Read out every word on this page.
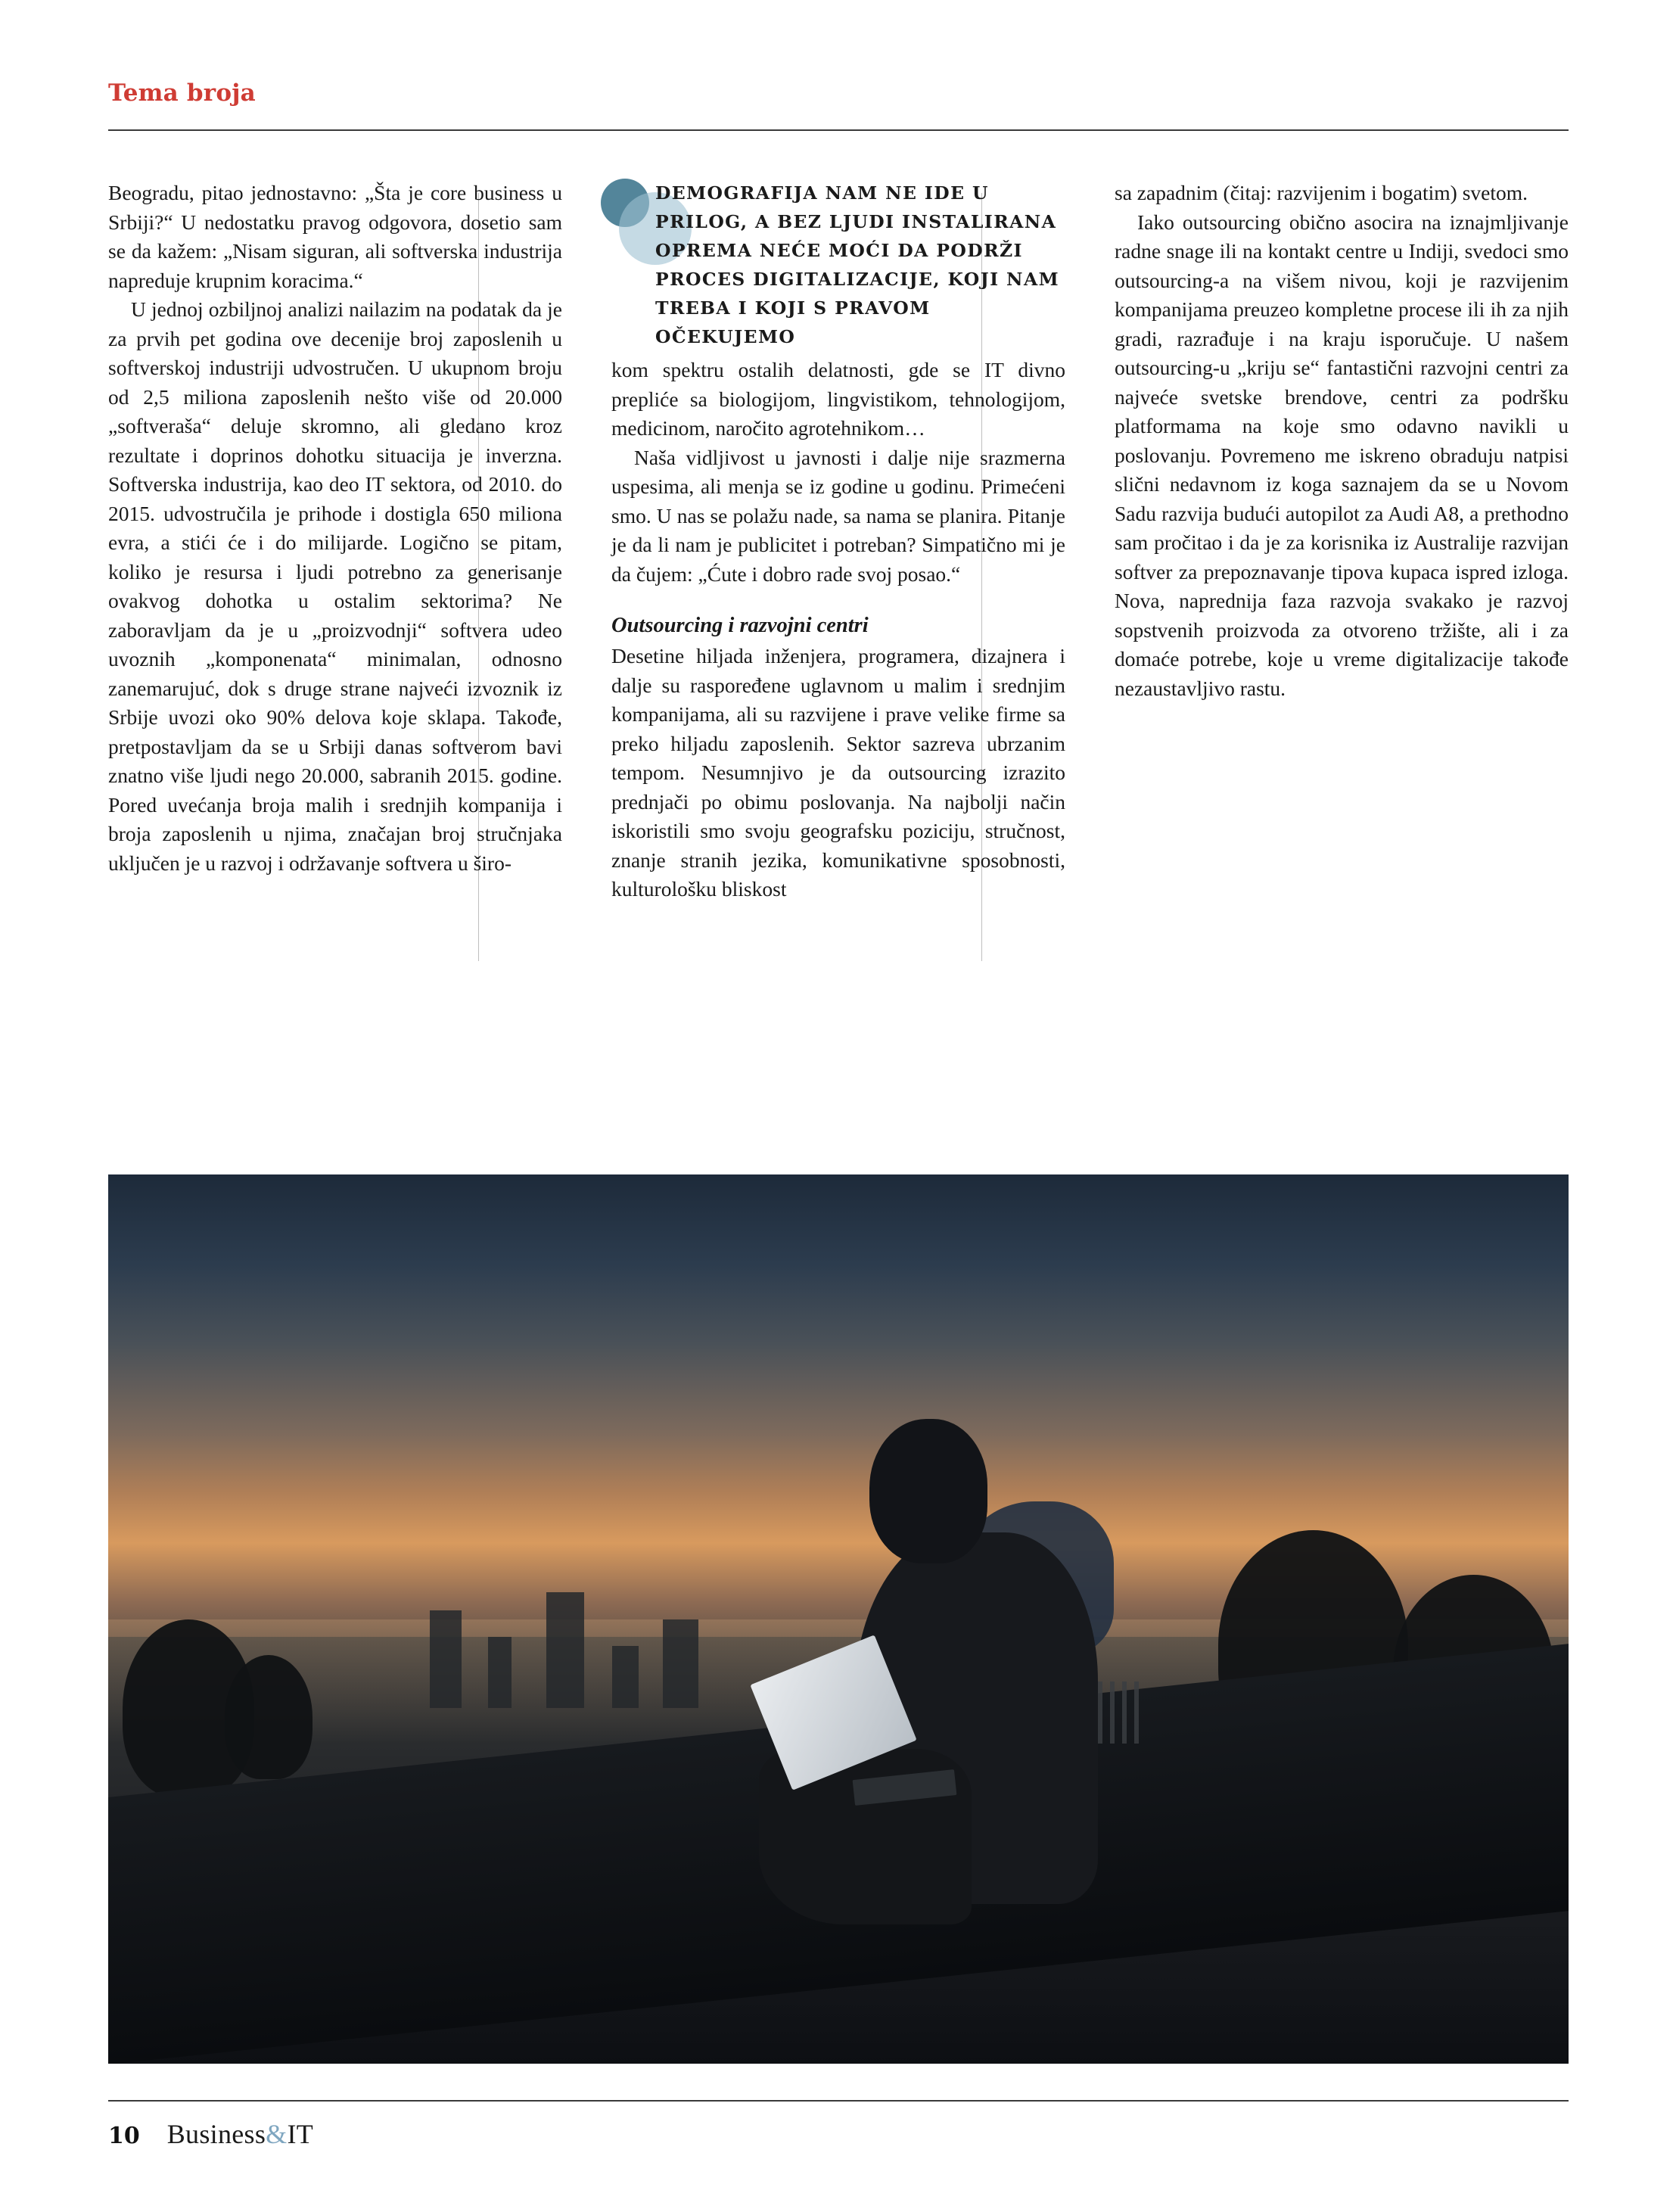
Tema broja

Beogradu, pitao jednostavno: „Šta je core business u Srbiji?“ U nedostatku pravog odgovora, dosetio sam se da kažem: „Nisam siguran, ali softverska industrija napreduje krupnim koracima.“

U jednoj ozbiljnoj analizi nailazim na podatak da je za prvih pet godina ove decenije broj zaposlenih u softverskoj industriji udvostručen. U ukupnom broju od 2,5 miliona zaposlenih nešto više od 20.000 „softveraša“ deluje skromno, ali gledano kroz rezultate i doprinos dohotku situacija je inverzna. Softverska industrija, kao deo IT sektora, od 2010. do 2015. udvostručila je prihode i dostigla 650 miliona evra, a stići će i do milijarde. Logično se pitam, koliko je resursa i ljudi potrebno za generisanje ovakvog dohotka u ostalim sektorima? Ne zaboravljam da je u „proizvodnji“ softvera udeo uvoznih „komponenata“ minimalan, odnosno zanemarujuć, dok s druge strane najveći izvoznik iz Srbije uvozi oko 90% delova koje sklapa. Takođe, pretpostavljam da se u Srbiji danas softverom bavi znatno više ljudi nego 20.000, sabranih 2015. godine. Pored uvećanja broja malih i srednjih kompanija i broja zaposlenih u njima, značajan broj stručnjaka uključen je u razvoj i održavanje softvera u širo-

DEMOGRAFIJA NAM NE IDE U PRILOG, A BEZ LJUDI INSTALIRANA OPREMA NEĆE MOĆI DA PODRŽI PROCES DIGITALIZACIJE, KOJI NAM TREBA I KOJI S PRAVOM OČEKUJEMO

kom spektru ostalih delatnosti, gde se IT divno prepliće sa biologijom, lingvistikom, tehnologijom, medicinom, naročito agrotehnikom…

Naša vidljivost u javnosti i dalje nije srazmerna uspesima, ali menja se iz godine u godinu. Primećeni smo. U nas se polažu nade, sa nama se planira. Pitanje je da li nam je publicitet i potreban? Simpatično mi je da čujem: „Ćute i dobro rade svoj posao.“

Outsourcing i razvojni centri

Desetine hiljada inženjera, programera, dizajnera i dalje su raspoređene uglavnom u malim i srednjim kompanijama, ali su razvijene i prave velike firme sa preko hiljadu zaposlenih. Sektor sazreva ubrzanim tempom. Nesumnjivo je da outsourcing izrazito prednjači po obimu poslovanja. Na najbolji način iskoristili smo svoju geografsku poziciju, stručnost, znanje stranih jezika, komunikativne sposobnosti, kulturološku bliskost

sa zapadnim (čitaj: razvijenim i bogatim) svetom.

Iako outsourcing obično asocira na iznajmljivanje radne snage ili na kontakt centre u Indiji, svedoci smo outsourcing-a na višem nivou, koji je razvijenim kompanijama preuzeo kompletne procese ili ih za njih gradi, razrađuje i na kraju isporučuje. U našem outsourcing-u „kriju se“ fantastični razvojni centri za najveće svetske brendove, centri za podršku platformama na koje smo odavno navikli u poslovanju. Povremeno me iskreno obraduju natpisi slični nedavnom iz koga saznajem da se u Novom Sadu razvija budući autopilot za Audi A8, a prethodno sam pročitao i da je za korisnika iz Australije razvijan softver za prepoznavanje tipova kupaca ispred izloga. Nova, naprednija faza razvoja svakako je razvoj sopstvenih proizvoda za otvoreno tržište, ali i za domaće potrebe, koje u vreme digitalizacije takođe nezaustavljivo rastu.

10 Business&IT
